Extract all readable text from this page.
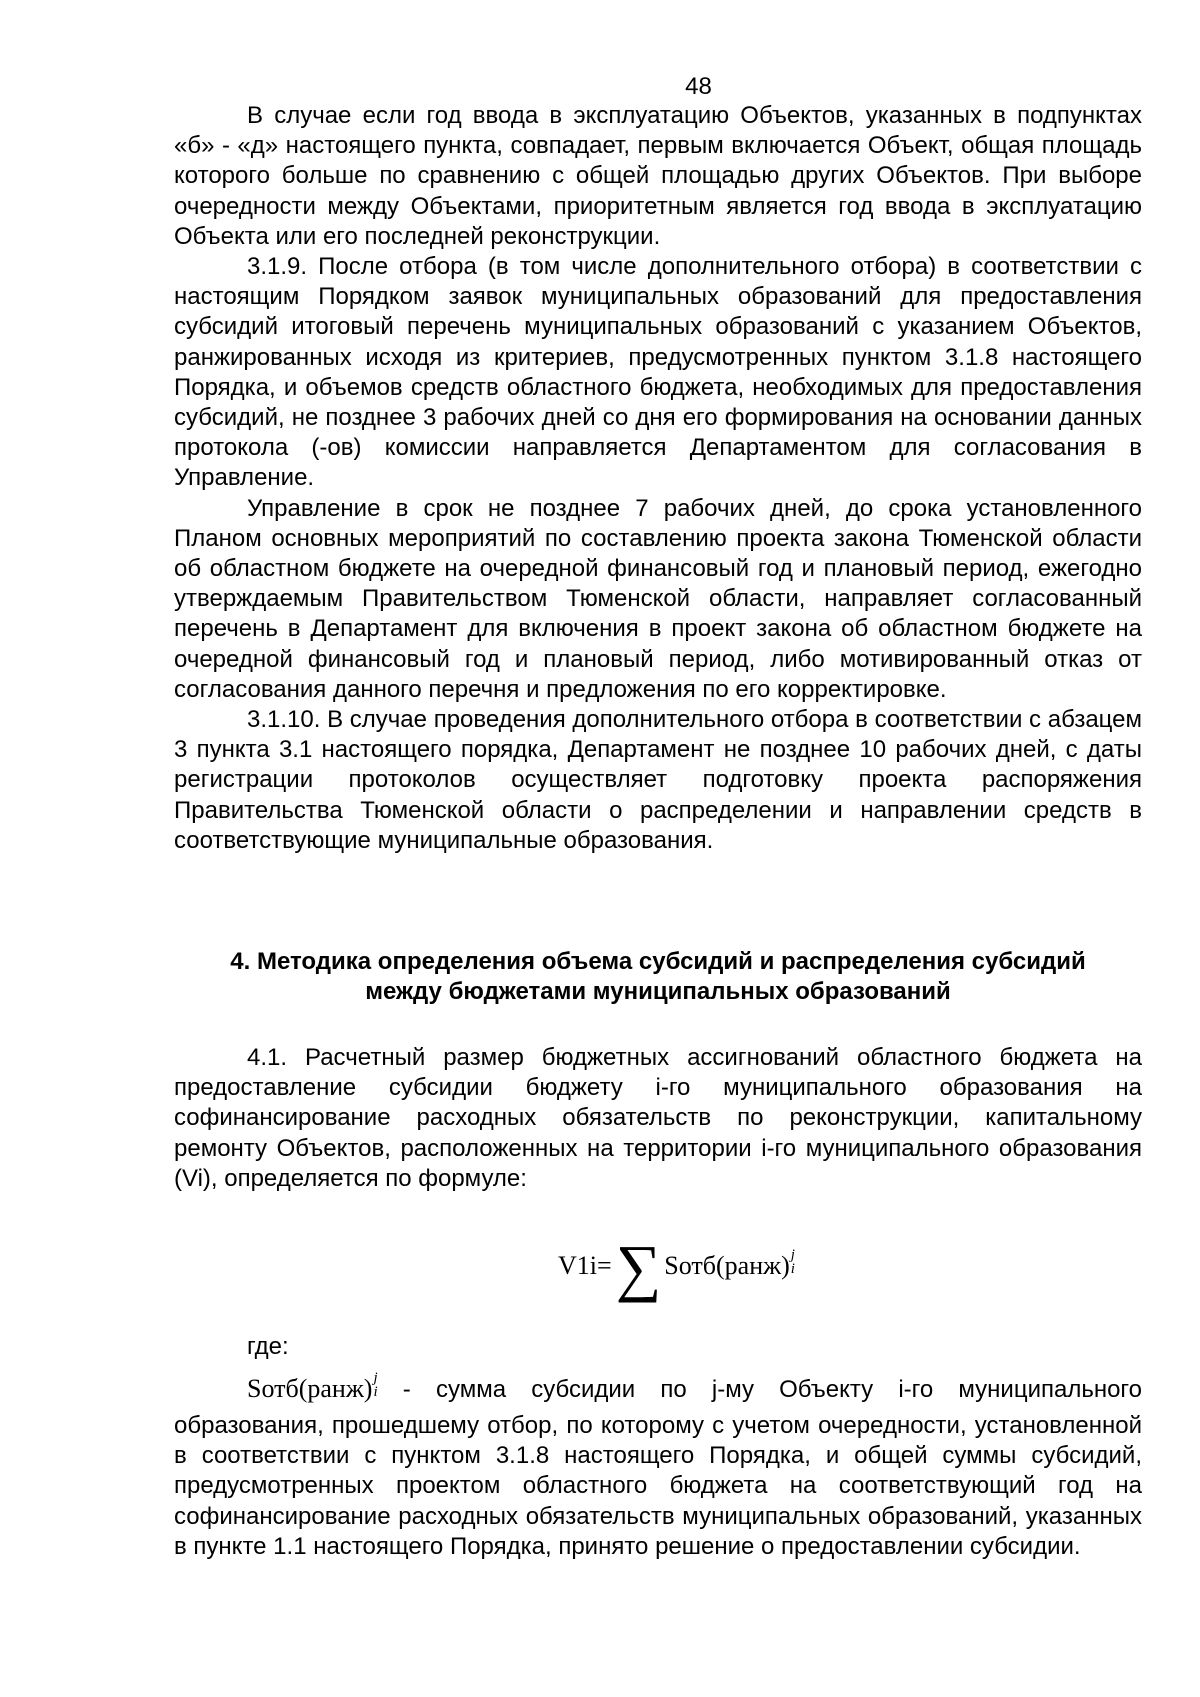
48

В случае если год ввода в эксплуатацию Объектов, указанных в подпунктах «б» - «д» настоящего пункта, совпадает, первым включается Объект, общая площадь которого больше по сравнению с общей площадью других Объектов. При выборе очередности между Объектами, приоритетным является год ввода в эксплуатацию Объекта или его последней реконструкции.

3.1.9. После отбора (в том числе дополнительного отбора) в соответствии с настоящим Порядком заявок муниципальных образований для предоставления субсидий итоговый перечень муниципальных образований с указанием Объектов, ранжированных исходя из критериев, предусмотренных пунктом 3.1.8 настоящего Порядка, и объемов средств областного бюджета, необходимых для предоставления субсидий, не позднее 3 рабочих дней со дня его формирования на основании данных протокола (-ов) комиссии направляется Департаментом для согласования в Управление.

Управление в срок не позднее 7 рабочих дней, до срока установленного Планом основных мероприятий по составлению проекта закона Тюменской области об областном бюджете на очередной финансовый год и плановый период, ежегодно утверждаемым Правительством Тюменской области, направляет согласованный перечень в Департамент для включения в проект закона об областном бюджете на очередной финансовый год и плановый период, либо мотивированный отказ от согласования данного перечня и предложения по его корректировке.

3.1.10. В случае проведения дополнительного отбора в соответствии с абзацем 3 пункта 3.1 настоящего порядка, Департамент не позднее 10 рабочих дней, с даты регистрации протоколов осуществляет подготовку проекта распоряжения Правительства Тюменской области о распределении и направлении средств в соответствующие муниципальные образования.

4. Методика определения объема субсидий и распределения субсидий
между бюджетами муниципальных образований

4.1. Расчетный размер бюджетных ассигнований областного бюджета на предоставление субсидии бюджету i-го муниципального образования на софинансирование расходных обязательств по реконструкции, капитальному ремонту Объектов, расположенных на территории i-го муниципального образования (Vi), определяется по формуле:

V1i= ∑ Sотб(ранж) j
i
где:
Sотб(ранж) j
i - сумма субсидии по j-му Объекту i-го муниципального

образования, прошедшему отбор, по которому с учетом очередности, установленной в соответствии с пунктом 3.1.8 настоящего Порядка, и общей суммы субсидий, предусмотренных проектом областного бюджета на соответствующий год на софинансирование расходных обязательств муниципальных образований, указанных в пункте 1.1 настоящего Порядка, принято решение о предоставлении субсидии.
